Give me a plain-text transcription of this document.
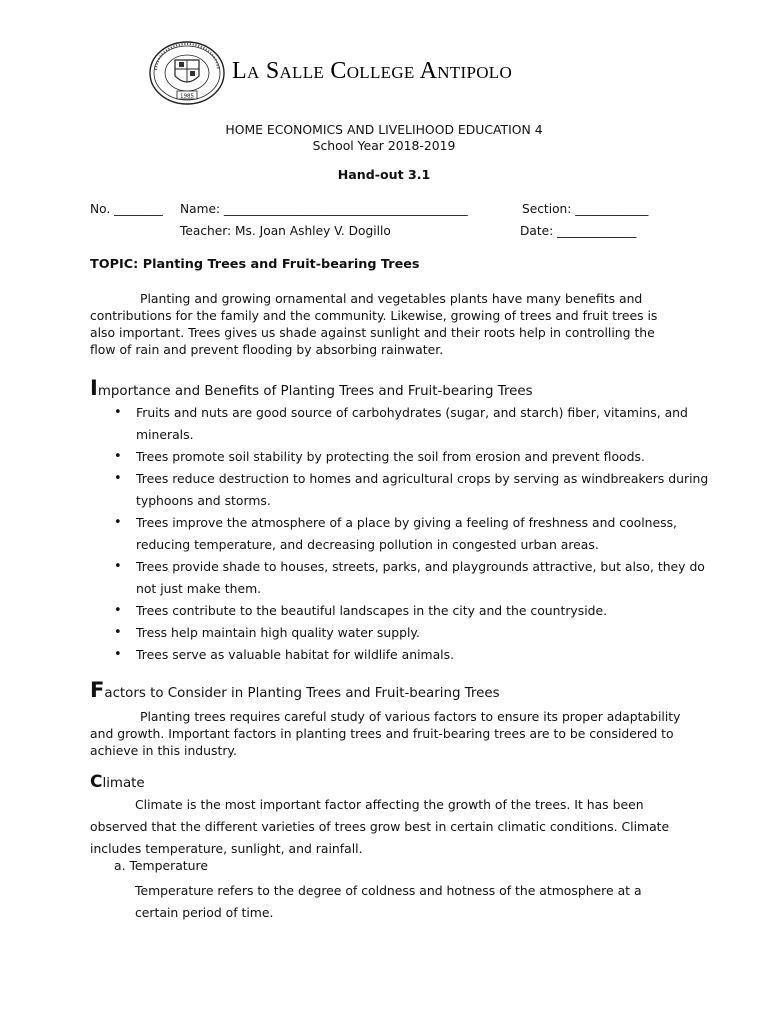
1985
La Salle College Antipolo
HOME ECONOMICS AND LIVELIHOOD EDUCATION 4
School Year 2018-2019
Hand-out 3.1
No. ________ Name: ________________________________________	Section: ____________
Teacher: Ms. Joan Ashley V. Dogillo	Date: _____________
TOPIC: Planting Trees and Fruit-bearing Trees
Planting and growing ornamental and vegetables plants have many benefits and contributions for the family and the community. Likewise, growing of trees and fruit trees is also important. Trees gives us shade against sunlight and their roots help in controlling the flow of rain and prevent flooding by absorbing rainwater.
Importance and Benefits of Planting Trees and Fruit-bearing Trees
• Fruits and nuts are good source of carbohydrates (sugar, and starch) fiber, vitamins, and minerals.
• Trees promote soil stability by protecting the soil from erosion and prevent floods.
• Trees reduce destruction to homes and agricultural crops by serving as windbreakers during typhoons and storms.
• Trees improve the atmosphere of a place by giving a feeling of freshness and coolness, reducing temperature, and decreasing pollution in congested urban areas.
• Trees provide shade to houses, streets, parks, and playgrounds attractive, but also, they do not just make them.
• Trees contribute to the beautiful landscapes in the city and the countryside.
• Tress help maintain high quality water supply.
• Trees serve as valuable habitat for wildlife animals.
Factors to Consider in Planting Trees and Fruit-bearing Trees
Planting trees requires careful study of various factors to ensure its proper adaptability and growth. Important factors in planting trees and fruit-bearing trees are to be considered to achieve in this industry.
Climate
Climate is the most important factor affecting the growth of the trees. It has been observed that the different varieties of trees grow best in certain climatic conditions. Climate includes temperature, sunlight, and rainfall.
a. Temperature
Temperature refers to the degree of coldness and hotness of the atmosphere at a certain period of time.
